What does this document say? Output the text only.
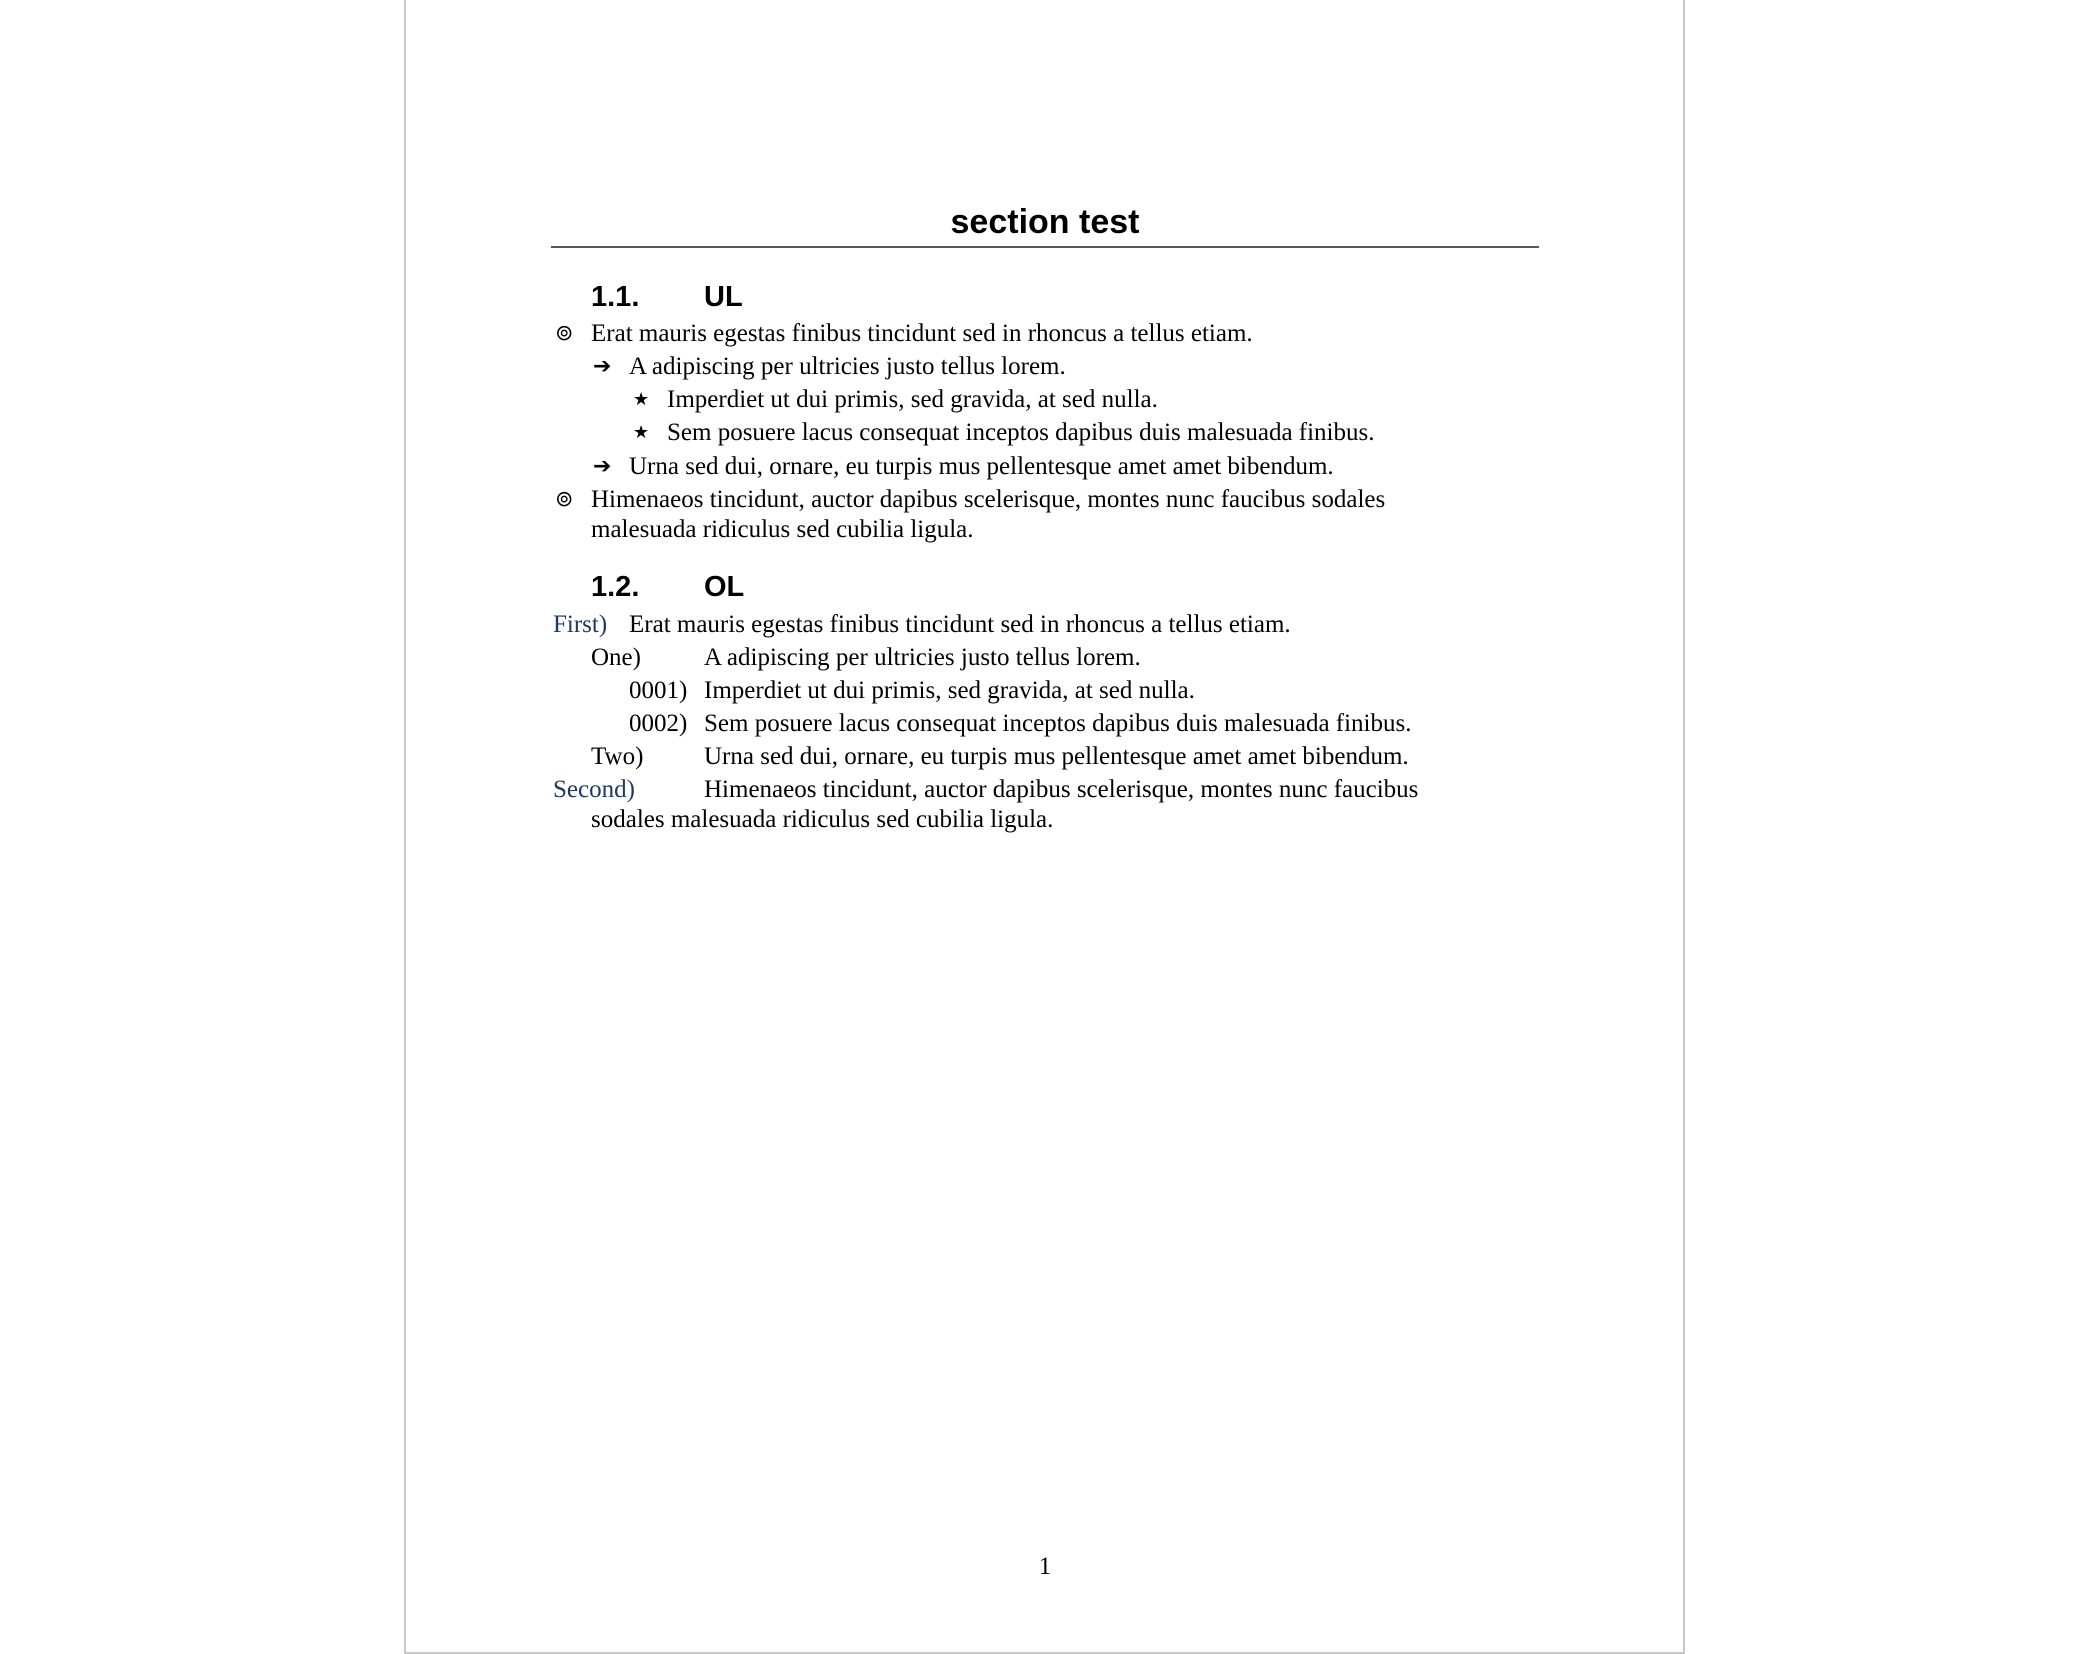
section test
1.1. UL
⊚ Erat mauris egestas finibus tincidunt sed in rhoncus a tellus etiam.
➔ A adipiscing per ultricies justo tellus lorem.
★ Imperdiet ut dui primis, sed gravida, at sed nulla.
★ Sem posuere lacus consequat inceptos dapibus duis malesuada finibus.
➔ Urna sed dui, ornare, eu turpis mus pellentesque amet amet bibendum.
⊚ Himenaeos tincidunt, auctor dapibus scelerisque, montes nunc faucibus sodales
malesuada ridiculus sed cubilia ligula.
1.2. OL
First) Erat mauris egestas finibus tincidunt sed in rhoncus a tellus etiam.
One)	A adipiscing per ultricies justo tellus lorem.
0001) Imperdiet ut dui primis, sed gravida, at sed nulla.
0002) Sem posuere lacus consequat inceptos dapibus duis malesuada finibus.
Two) Urna sed dui, ornare, eu turpis mus pellentesque amet amet bibendum.
Second)	Himenaeos tincidunt, auctor dapibus scelerisque, montes nunc faucibus
sodales malesuada ridiculus sed cubilia ligula.
1
